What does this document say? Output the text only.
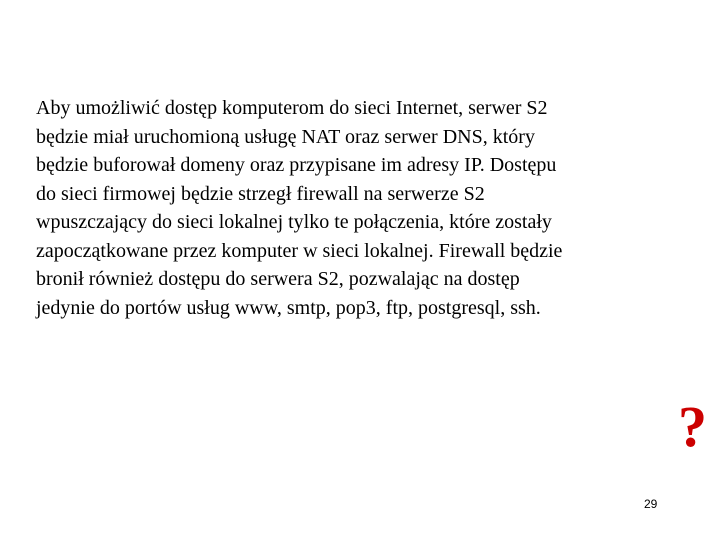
Aby umożliwić dostęp komputerom do sieci Internet, serwer S2
będzie miał uruchomioną usługę NAT oraz serwer DNS, który
będzie buforował domeny oraz przypisane im adresy IP. Dostępu
do sieci firmowej będzie strzegł firewall na serwerze S2
wpuszczający do sieci lokalnej tylko te połączenia, które zostały
zapoczątkowane przez komputer w sieci lokalnej. Firewall będzie
bronił również dostępu do serwera S2, pozwalając na dostęp
jedynie do portów usług www, smtp, pop3, ftp, postgresql, ssh.

?
29
